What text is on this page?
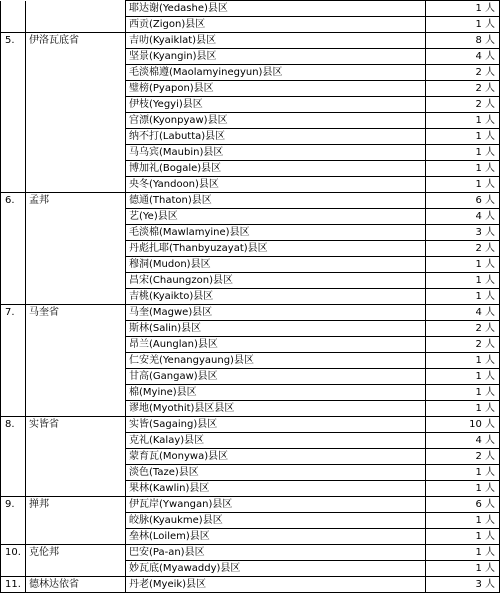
		耶达谢(Yedashe)县区	1 人
		西贡(Zigon)县区	1 人
5.	伊洛瓦底省	吉叻(Kyaiklat)县区	8 人
		坚景(Kyangin)县区	4 人
		毛淡棉遵(Maolamyinegyun)县区	2 人
		璧榜(Pyapon)县区	2 人
		伊枝(Yegyi)县区	2 人
		宫漂(Kyonpyaw)县区	1 人
		纳不打(Labutta)县区	1 人
		马乌宾(Maubin)县区	1 人
		博加礼(Bogale)县区	1 人
		央冬(Yandoon)县区	1 人
6.	孟邦	德通(Thaton)县区	6 人
		艺(Ye)县区	4 人
		毛淡棉(Mawlamyine)县区	3 人
		丹彪扎耶(Thanbyuzayat)县区	2 人
		穆洞(Mudon)县区	1 人
		昌宋(Chaungzon)县区	1 人
		吉桃(Kyaikto)县区	1 人
7.	马奎省	马奎(Magwe)县区	4 人
		斯林(Salin)县区	2 人
		昂兰(Aunglan)县区	2 人
		仁安羌(Yenangyaung)县区	1 人
		甘高(Gangaw)县区	1 人
		棉(Myine)县区	1 人
		谬地(Myothit)县区县区	1 人
8.	实皆省	实皆(Sagaing)县区	10 人
		克礼(Kalay)县区	4 人
		蒙育瓦(Monywa)县区	2 人
		淡色(Taze)县区	1 人
		果林(Kawlin)县区	1 人
9.	掸邦	伊瓦岸(Ywangan)县区	6 人
		皎脉(Kyaukme)县区	1 人
		垒林(Loilem)县区	1 人
10.	克伦邦	巴安(Pa-an)县区	1 人
		妙瓦底(Myawaddy)县区	1 人
11.	德林达依省	丹老(Myeik)县区	3 人
